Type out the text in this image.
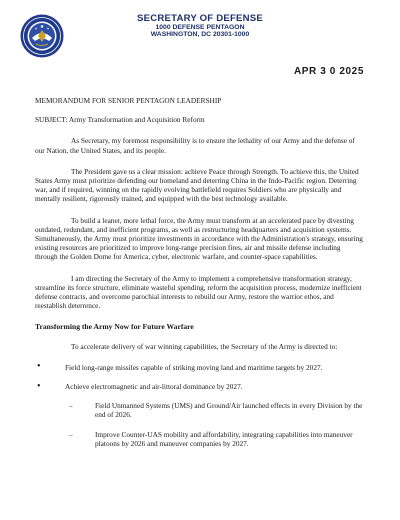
SECRETARY OF DEFENSE
1000 DEFENSE PENTAGON
WASHINGTON, DC 20301-1000
APR 3 0 2025
MEMORANDUM FOR SENIOR PENTAGON LEADERSHIP
SUBJECT: Army Transformation and Acquisition Reform

As Secretary, my foremost responsibility is to ensure the lethality of our Army and the defense of our Nation, the United States, and its people.

The President gave us a clear mission: achieve Peace through Strength. To achieve this, the United States Army must prioritize defending our homeland and deterring China in the Indo-Pacific region. Deterring war, and if required, winning on the rapidly evolving battlefield requires Soldiers who are physically and mentally resilient, rigorously trained, and equipped with the best technology available.

To build a leaner, more lethal force, the Army must transform at an accelerated pace by divesting outdated, redundant, and inefficient programs, as well as restructuring headquarters and acquisition systems. Simultaneously, the Army must prioritize investments in accordance with the Administration's strategy, ensuring existing resources are prioritized to improve long-range precision fires, air and missile defense including through the Golden Dome for America, cyber, electronic warfare, and counter-space capabilities.

I am directing the Secretary of the Army to implement a comprehensive transformation strategy, streamline its force structure, eliminate wasteful spending, reform the acquisition process, modernize inefficient defense contracts, and overcome parochial interests to rebuild our Army, restore the warrior ethos, and reestablish deterrence.

Transforming the Army Now for Future Warfare

To accelerate delivery of war winning capabilities, the Secretary of the Army is directed to:

• Field long-range missiles capable of striking moving land and maritime targets by 2027.
• Achieve electromagnetic and air-littoral dominance by 2027.
– Field Unmanned Systems (UMS) and Ground/Air launched effects in every Division by the end of 2026.
– Improve Counter-UAS mobility and affordability, integrating capabilities into maneuver platoons by 2026 and maneuver companies by 2027.
